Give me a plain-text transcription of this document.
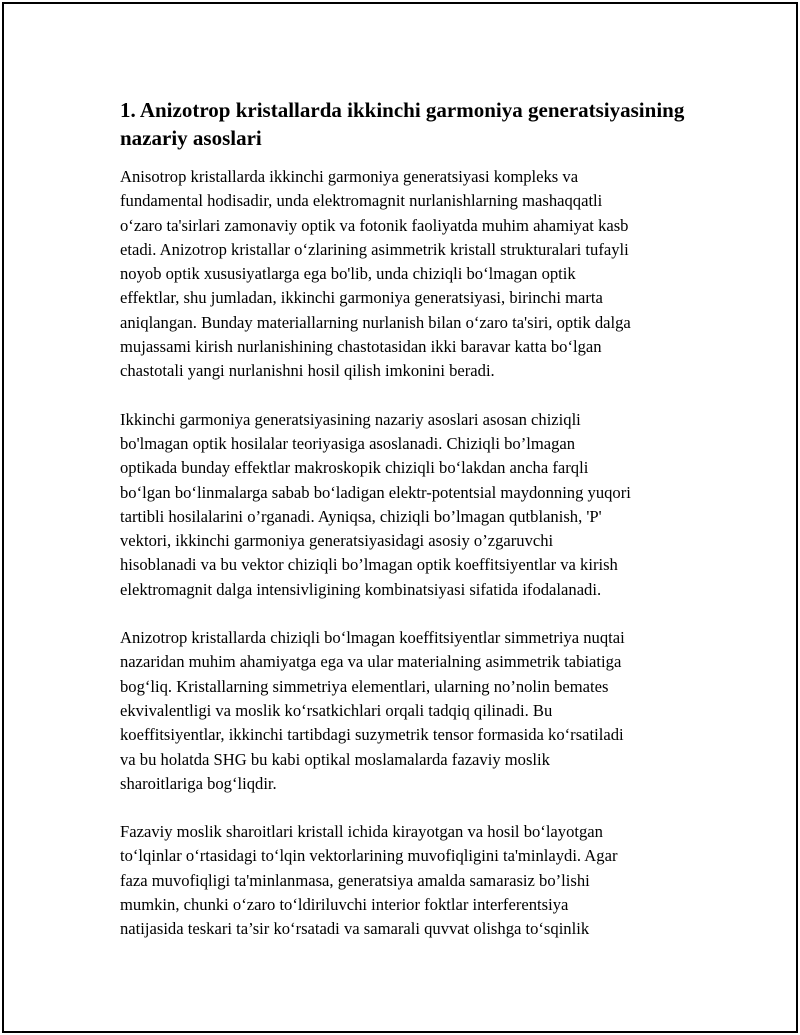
1. Anizotrop kristallarda ikkinchi garmoniya generatsiyasining
nazariy asoslari

Anisotrop kristallarda ikkinchi garmoniya generatsiyasi kompleks va
fundamental hodisadir, unda elektromagnit nurlanishlarning mashaqqatli
oʻzaro ta'sirlari zamonaviy optik va fotonik faoliyatda muhim ahamiyat kasb
etadi. Anizotrop kristallar oʻzlarining asimmetrik kristall strukturalari tufayli
noyob optik xususiyatlarga ega bo'lib, unda chiziqli boʻlmagan optik
effektlar, shu jumladan, ikkinchi garmoniya generatsiyasi, birinchi marta
aniqlangan. Bunday materiallarning nurlanish bilan oʻzaro ta'siri, optik dalga
mujassami kirish nurlanishining chastotasidan ikki baravar katta boʻlgan
chastotali yangi nurlanishni hosil qilish imkonini beradi.

Ikkinchi garmoniya generatsiyasining nazariy asoslari asosan chiziqli
bo'lmagan optik hosilalar teoriyasiga asoslanadi. Chiziqli bo’lmagan
optikada bunday effektlar makroskopik chiziqli boʻlakdan ancha farqli
boʻlgan boʻlinmalarga sabab boʻladigan elektr-potentsial maydonning yuqori
tartibli hosilalarini o’rganadi. Ayniqsa, chiziqli bo’lmagan qutblanish, 'P'
vektori, ikkinchi garmoniya generatsiyasidagi asosiy o’zgaruvchi
hisoblanadi va bu vektor chiziqli bo’lmagan optik koeffitsiyentlar va kirish
elektromagnit dalga intensivligining kombinatsiyasi sifatida ifodalanadi.

Anizotrop kristallarda chiziqli boʻlmagan koeffitsiyentlar simmetriya nuqtai
nazaridan muhim ahamiyatga ega va ular materialning asimmetrik tabiatiga
bogʻliq. Kristallarning simmetriya elementlari, ularning no’nolin bemates
ekvivalentligi va moslik koʻrsatkichlari orqali tadqiq qilinadi. Bu
koeffitsiyentlar, ikkinchi tartibdagi suzymetrik tensor formasida koʻrsatiladi
va bu holatda SHG bu kabi optikal moslamalarda fazaviy moslik
sharoitlariga bogʻliqdir.

Fazaviy moslik sharoitlari kristall ichida kirayotgan va hosil boʻlayotgan
toʻlqinlar oʻrtasidagi toʻlqin vektorlarining muvofiqligini ta'minlaydi. Agar
faza muvofiqligi ta'minlanmasa, generatsiya amalda samarasiz bo’lishi
mumkin, chunki oʻzaro toʻldiriluvchi interior foktlar interferentsiya
natijasida teskari ta’sir koʻrsatadi va samarali quvvat olishga toʻsqinlik
